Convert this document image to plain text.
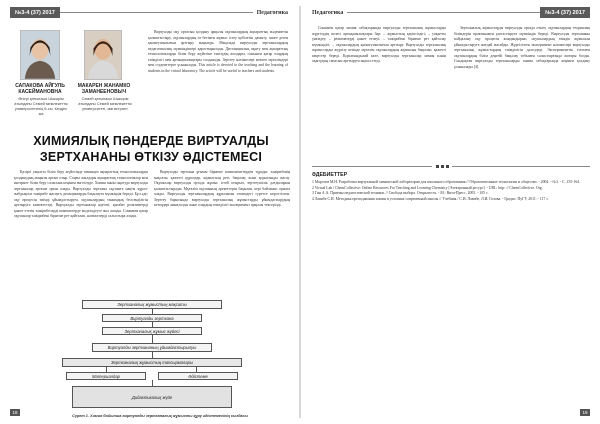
№3-4 (37) 2017	Педагогика	Педагогика	№3-4 (37) 2017
САПАКОВА АЙГУЛЬ КАСЕЙМАНОВНА
Өнері қатынасы Шәкәрім атындағы Семей мемлекеттік университетінің 6-сы. Кездес жа
МАКАРЕН ЖАНАМКО ЗАМАНЕЕНОВЫЧ
Семей қатынасы Шәкәрім атындағы Семей мемлекеттік университеті, магистрант

Виртуалды оқу ортасын қолдану арқылы оқушылардың ақпараттық мәдениетін қалыптастыру, оқушылардың өз бетімен жұмыс істеу қабілетін дамыту, пәнге деген қызығушылығын арттыру маңызды. Мақалада виртуалды зертханалардың педагогикалық мүмкіндіктері қарастырылады. Дистанциялық оқыту мен ақпараттық технологияларды білім беру жүйесіне енгізудің жолдары, сонымен қатар олардың тиімділігі мен артықшылықтары талданады. Зерттеу нәтижелері мектеп мұғалімдері мен студенттерге ұсынылады. This article is devoted to the teaching and the learning of students in the virtual laboratory. The article will be useful to teachers and students.

ХИМИЯЛЫҚ ПӘНДЕРДЕ ВИРТУАЛДЫ
ЗЕРТХАНАНЫ ӨТКІЗУ ӘДІСТЕМЕСІ

Қазіргі уақытта білім беру жүйесінде заманауи ақпараттық технологияларды қолданудың маңызы артып отыр. Соңғы жылдары ақпараттық технологиялар мен интернет білім беру саласына кеңінен енгізілуде. Химия пәнін оқытуда виртуалды зертханалар ерекше орын алады. Виртуалды зертхана оқушыға нақты құрал-жабдықсыз тәжірибе жасауға, реакцияларды бақылауға мүмкіндік береді. Бұл әдіс оқу процесін тиімді ұйымдастыруға, оқушылардың танымдық белсенділігін арттыруға көмектеседі. Виртуалды зертханалар қауіпті, қымбат реактивтерді қажет ететін тәжірибелерді компьютерде модельдеуге жол ашады. Сонымен қатар оқушылар тәжірибені бірнеше рет қайталап, нәтижелерді салыстыра алады.

Виртуалды зертхана ұғымы бірнеше компоненттерден тұрады: тәжірибенің мақсаты, қажетті құралдар, жұмыстың реті, бақылау және қорытынды жасау. Оқушылар виртуалды ортада жұмыс істей отырып, зерттеушілік дағдыларын қалыптастырады. Мұғалім оқушының әрекеттерін бақылап, кері байланыс орната алады. Виртуалды зертханалардың құрылымы төмендегі суретте көрсетілген. Зерттеу барысында виртуалды зертханалық жұмыстарды ұйымдастырудың кезеңдері анықталды және олардың тиімділігі эксперимент арқылы тексерілді.

Зертханалық жұмыстың мақсаты
Виртуалды зертхана
Зертханалық жұмыс жүйесі
Виртуалды зертхананың ұйымдастырылуы
Зертханалық жұмыстың тапсырмалары
Материалдар	Әдістеме
Дидактикалық жүйе
Сурет 1. Химия бойынша виртуалды зертханалық жұмысты құру әдістемесінің сызбасы
18

Сонымен қатар химия сабақтарында виртуалды зертханалық жұмыстарды жүргізудің келесі артықшылықтары бар: – жұмыстың қауіпсіздігі; – уақытты үнемдеу; – реактивтерді қажет етпеуі; – тәжірибені бірнеше рет қайталау мүмкіндігі; – оқушылардың қызығушылығын арттыру. Виртуалды зертханалық жұмыстарды жүргізу кезінде мұғалім оқушылардың жұмысын бақылап, қажетті кеңестер береді. Қорытындылай келе, виртуалды зертханалар химия пәнін оқытудың сапасын арттыруға ықпал етеді.

Зертханалық жұмыстарды виртуалды ортада өткізу оқушылардың теориялық білімдерін практикамен ұштастыруға мүмкіндік береді. Виртуалды зертхананы пайдалану оқу процесін жандандырып, оқушылардың өзіндік жұмысын ұйымдастыруға жағдай жасайды. Жүргізілген эксперимент нәтижелері виртуалды зертханалық жұмыстардың тиімділігін дәлелдеді. Эксперименттік топтағы оқушылардың білім деңгейі бақылау тобымен салыстырғанда жоғары болды. Сондықтан виртуалды зертханаларды химия сабақтарында кеңінен қолдану ұсынылады [4].

ӘДЕБИЕТТЕР
1 Морозов М.Н. Разработка виртуальной химической лаборатории для школьного образования // Образовательные технологии и общество. - 2004. - №3. - С. 155-164.
2 Virtual Lab / ChemCollective: Online Resources For Teaching and Learning Chemistry [Электронный ресурс]. - URL: http: // ChemCollective. Org.
3 Гин А.А. Приемы педагогической техники. // Свобода выбора. Открытость. - М.: Вита-Пресс, 2005. - 105 с.
4 Лавибе С.И. Методика преподавания химии в условиях современной школы // Учебник / С.И. Лавибе, Л.И. Голова. - Градис: ПуГУ, 2011. - 117 с.
19
